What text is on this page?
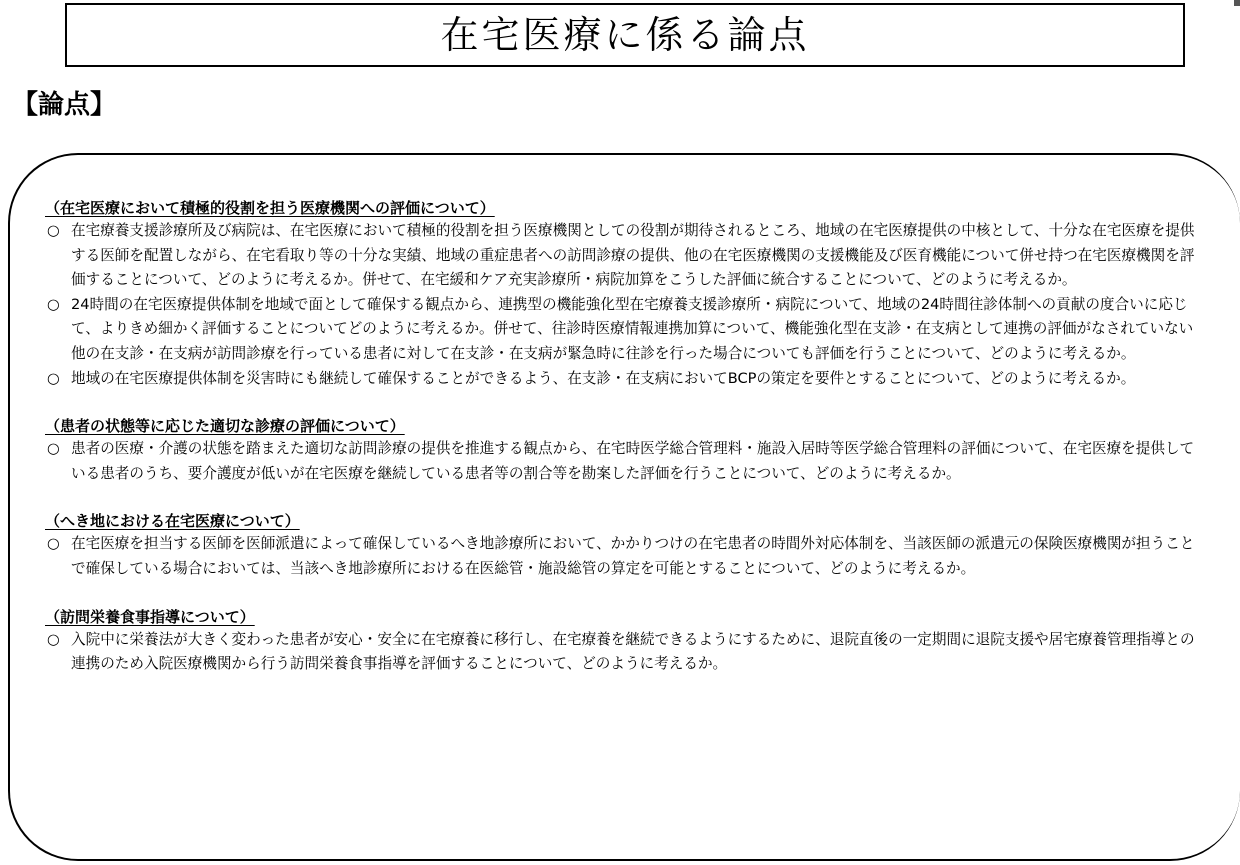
在宅医療に係る論点
【論点】
（在宅医療において積極的役割を担う医療機関への評価について）
○ 在宅療養支援診療所及び病院は、在宅医療において積極的役割を担う医療機関としての役割が期待されるところ、地域の在宅医療提供の中核として、十分な在宅医療を提供する医師を配置しながら、在宅看取り等の十分な実績、地域の重症患者への訪問診療の提供、他の在宅医療機関の支援機能及び医育機能について併せ持つ在宅医療機関を評価することについて、どのように考えるか。併せて、在宅緩和ケア充実診療所・病院加算をこうした評価に統合することについて、どのように考えるか。
○ 24時間の在宅医療提供体制を地域で面として確保する観点から、連携型の機能強化型在宅療養支援診療所・病院について、地域の24時間往診体制への貢献の度合いに応じて、よりきめ細かく評価することについてどのように考えるか。併せて、往診時医療情報連携加算について、機能強化型在支診・在支病として連携の評価がなされていない他の在支診・在支病が訪問診療を行っている患者に対して在支診・在支病が緊急時に往診を行った場合についても評価を行うことについて、どのように考えるか。
○ 地域の在宅医療提供体制を災害時にも継続して確保することができるよう、在支診・在支病においてBCPの策定を要件とすることについて、どのように考えるか。
（患者の状態等に応じた適切な診療の評価について）
○ 患者の医療・介護の状態を踏まえた適切な訪問診療の提供を推進する観点から、在宅時医学総合管理料・施設入居時等医学総合管理料の評価について、在宅医療を提供している患者のうち、要介護度が低いが在宅医療を継続している患者等の割合等を勘案した評価を行うことについて、どのように考えるか。
（へき地における在宅医療について）
○ 在宅医療を担当する医師を医師派遣によって確保しているへき地診療所において、かかりつけの在宅患者の時間外対応体制を、当該医師の派遣元の保険医療機関が担うことで確保している場合においては、当該へき地診療所における在医総管・施設総管の算定を可能とすることについて、どのように考えるか。
（訪問栄養食事指導について）
○ 入院中に栄養法が大きく変わった患者が安心・安全に在宅療養に移行し、在宅療養を継続できるようにするために、退院直後の一定期間に退院支援や居宅療養管理指導との連携のため入院医療機関から行う訪問栄養食事指導を評価することについて、どのように考えるか。
